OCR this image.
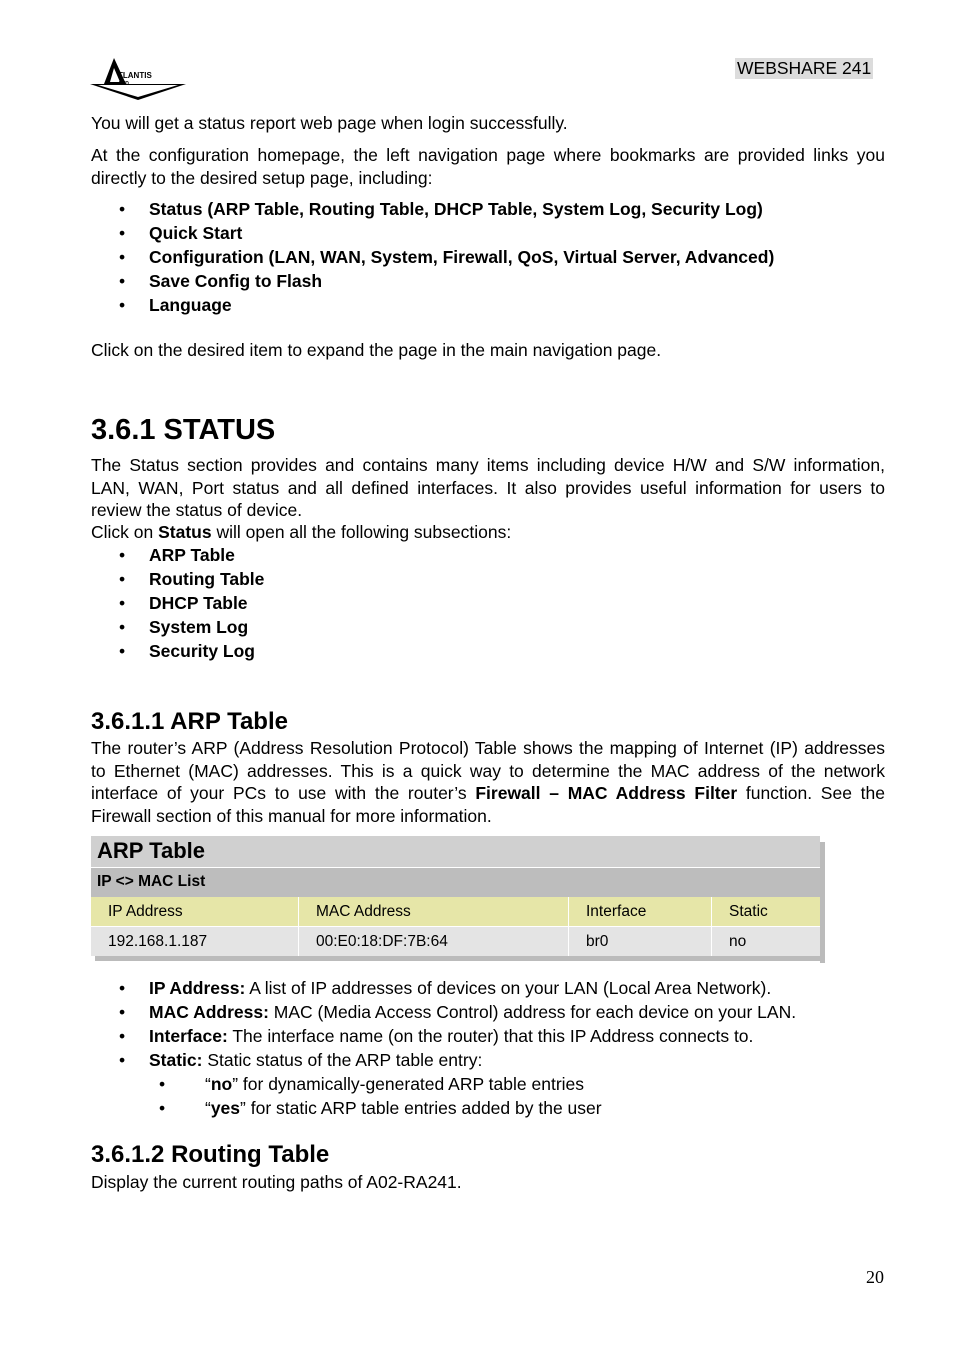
TLANTIS
AND
WEBSHARE 241
You will get a status report web page when login successfully.
At the configuration homepage, the left navigation page where bookmarks are provided links you directly to the desired setup page, including:
• Status (ARP Table, Routing Table, DHCP Table, System Log, Security Log)
• Quick Start
• Configuration (LAN, WAN, System, Firewall, QoS, Virtual Server, Advanced)
• Save Config to Flash
• Language
Click on the desired item to expand the page in the main navigation page.
3.6.1 STATUS
The Status section provides and contains many items including device H/W and S/W information, LAN, WAN, Port status and all defined interfaces. It also provides useful information for users to review the status of device.
Click on Status will open all the following subsections:
• ARP Table
• Routing Table
• DHCP Table
• System Log
• Security Log
3.6.1.1 ARP Table
The router’s ARP (Address Resolution Protocol) Table shows the mapping of Internet (IP) addresses to Ethernet (MAC) addresses. This is a quick way to determine the MAC address of the network interface of your PCs to use with the router’s Firewall – MAC Address Filter function. See the Firewall section of this manual for more information.
ARP Table
IP <> MAC List
IP Address	MAC Address	Interface	Static
192.168.1.187	00:E0:18:DF:7B:64	br0	no
• IP Address: A list of IP addresses of devices on your LAN (Local Area Network).
• MAC Address: MAC (Media Access Control) address for each device on your LAN.
• Interface: The interface name (on the router) that this IP Address connects to.
• Static: Static status of the ARP table entry:
• “no” for dynamically-generated ARP table entries
• “yes” for static ARP table entries added by the user
3.6.1.2 Routing Table
Display the current routing paths of A02-RA241.
20
